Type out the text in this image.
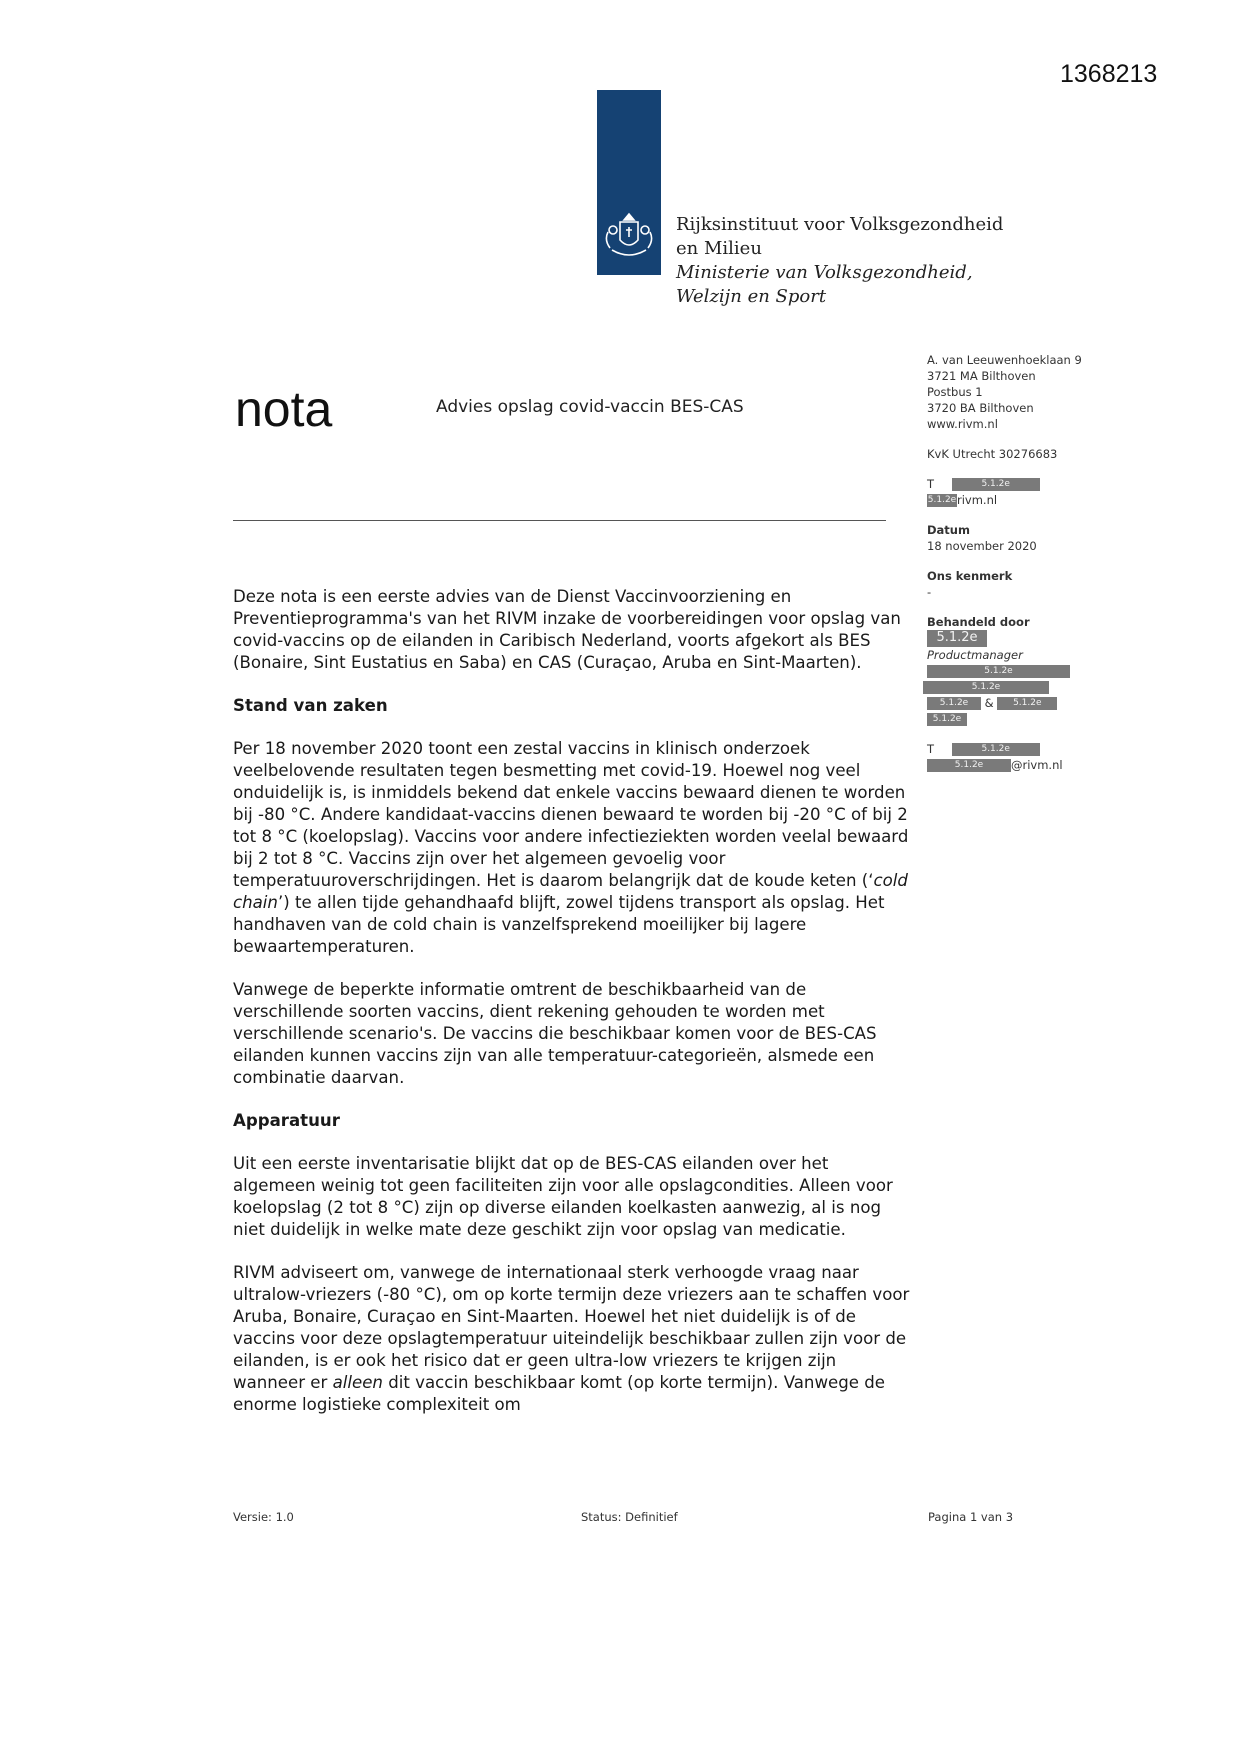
1368213
Rijksinstituut voor Volksgezondheid
en Milieu
Ministerie van Volksgezondheid,
Welzijn en Sport
nota	Advies opslag covid-vaccin BES-CAS
A. van Leeuwenhoeklaan 9
3721 MA Bilthoven
Postbus 1
3720 BA Bilthoven
www.rivm.nl
KvK Utrecht 30276683
T	5.1.2e
5.1.2erivm.nl
Datum
18 november 2020
Ons kenmerk
-
Behandeld door
5.1.2e
Productmanager
5.1.2e
5.1.2e
5.1.2e & 5.1.2e
5.1.2e
T	5.1.2e
5.1.2e @rivm.nl

Deze nota is een eerste advies van de Dienst Vaccinvoorziening en Preventieprogramma's van het RIVM inzake de voorbereidingen voor opslag van covid-vaccins op de eilanden in Caribisch Nederland, voorts afgekort als BES (Bonaire, Sint Eustatius en Saba) en CAS (Curaçao, Aruba en Sint-Maarten).

Stand van zaken

Per 18 november 2020 toont een zestal vaccins in klinisch onderzoek veelbelovende resultaten tegen besmetting met covid-19. Hoewel nog veel onduidelijk is, is inmiddels bekend dat enkele vaccins bewaard dienen te worden bij -80 °C. Andere kandidaat-vaccins dienen bewaard te worden bij -20 °C of bij 2 tot 8 °C (koelopslag). Vaccins voor andere infectieziekten worden veelal bewaard bij 2 tot 8 °C. Vaccins zijn over het algemeen gevoelig voor temperatuuroverschrijdingen. Het is daarom belangrijk dat de koude keten (‘cold chain’) te allen tijde gehandhaafd blijft, zowel tijdens transport als opslag. Het handhaven van de cold chain is vanzelfsprekend moeilijker bij lagere bewaartemperaturen.

Vanwege de beperkte informatie omtrent de beschikbaarheid van de verschillende soorten vaccins, dient rekening gehouden te worden met verschillende scenario's. De vaccins die beschikbaar komen voor de BES-CAS eilanden kunnen vaccins zijn van alle temperatuur-categorieën, alsmede een combinatie daarvan.

Apparatuur

Uit een eerste inventarisatie blijkt dat op de BES-CAS eilanden over het algemeen weinig tot geen faciliteiten zijn voor alle opslagcondities. Alleen voor koelopslag (2 tot 8 °C) zijn op diverse eilanden koelkasten aanwezig, al is nog niet duidelijk in welke mate deze geschikt zijn voor opslag van medicatie.

RIVM adviseert om, vanwege de internationaal sterk verhoogde vraag naar ultralow-vriezers (-80 °C), om op korte termijn deze vriezers aan te schaffen voor Aruba, Bonaire, Curaçao en Sint-Maarten. Hoewel het niet duidelijk is of de vaccins voor deze opslagtemperatuur uiteindelijk beschikbaar zullen zijn voor de eilanden, is er ook het risico dat er geen ultra-low vriezers te krijgen zijn wanneer er alleen dit vaccin beschikbaar komt (op korte termijn). Vanwege de enorme logistieke complexiteit om

Versie: 1.0	Status: Definitief	Pagina 1 van 3
